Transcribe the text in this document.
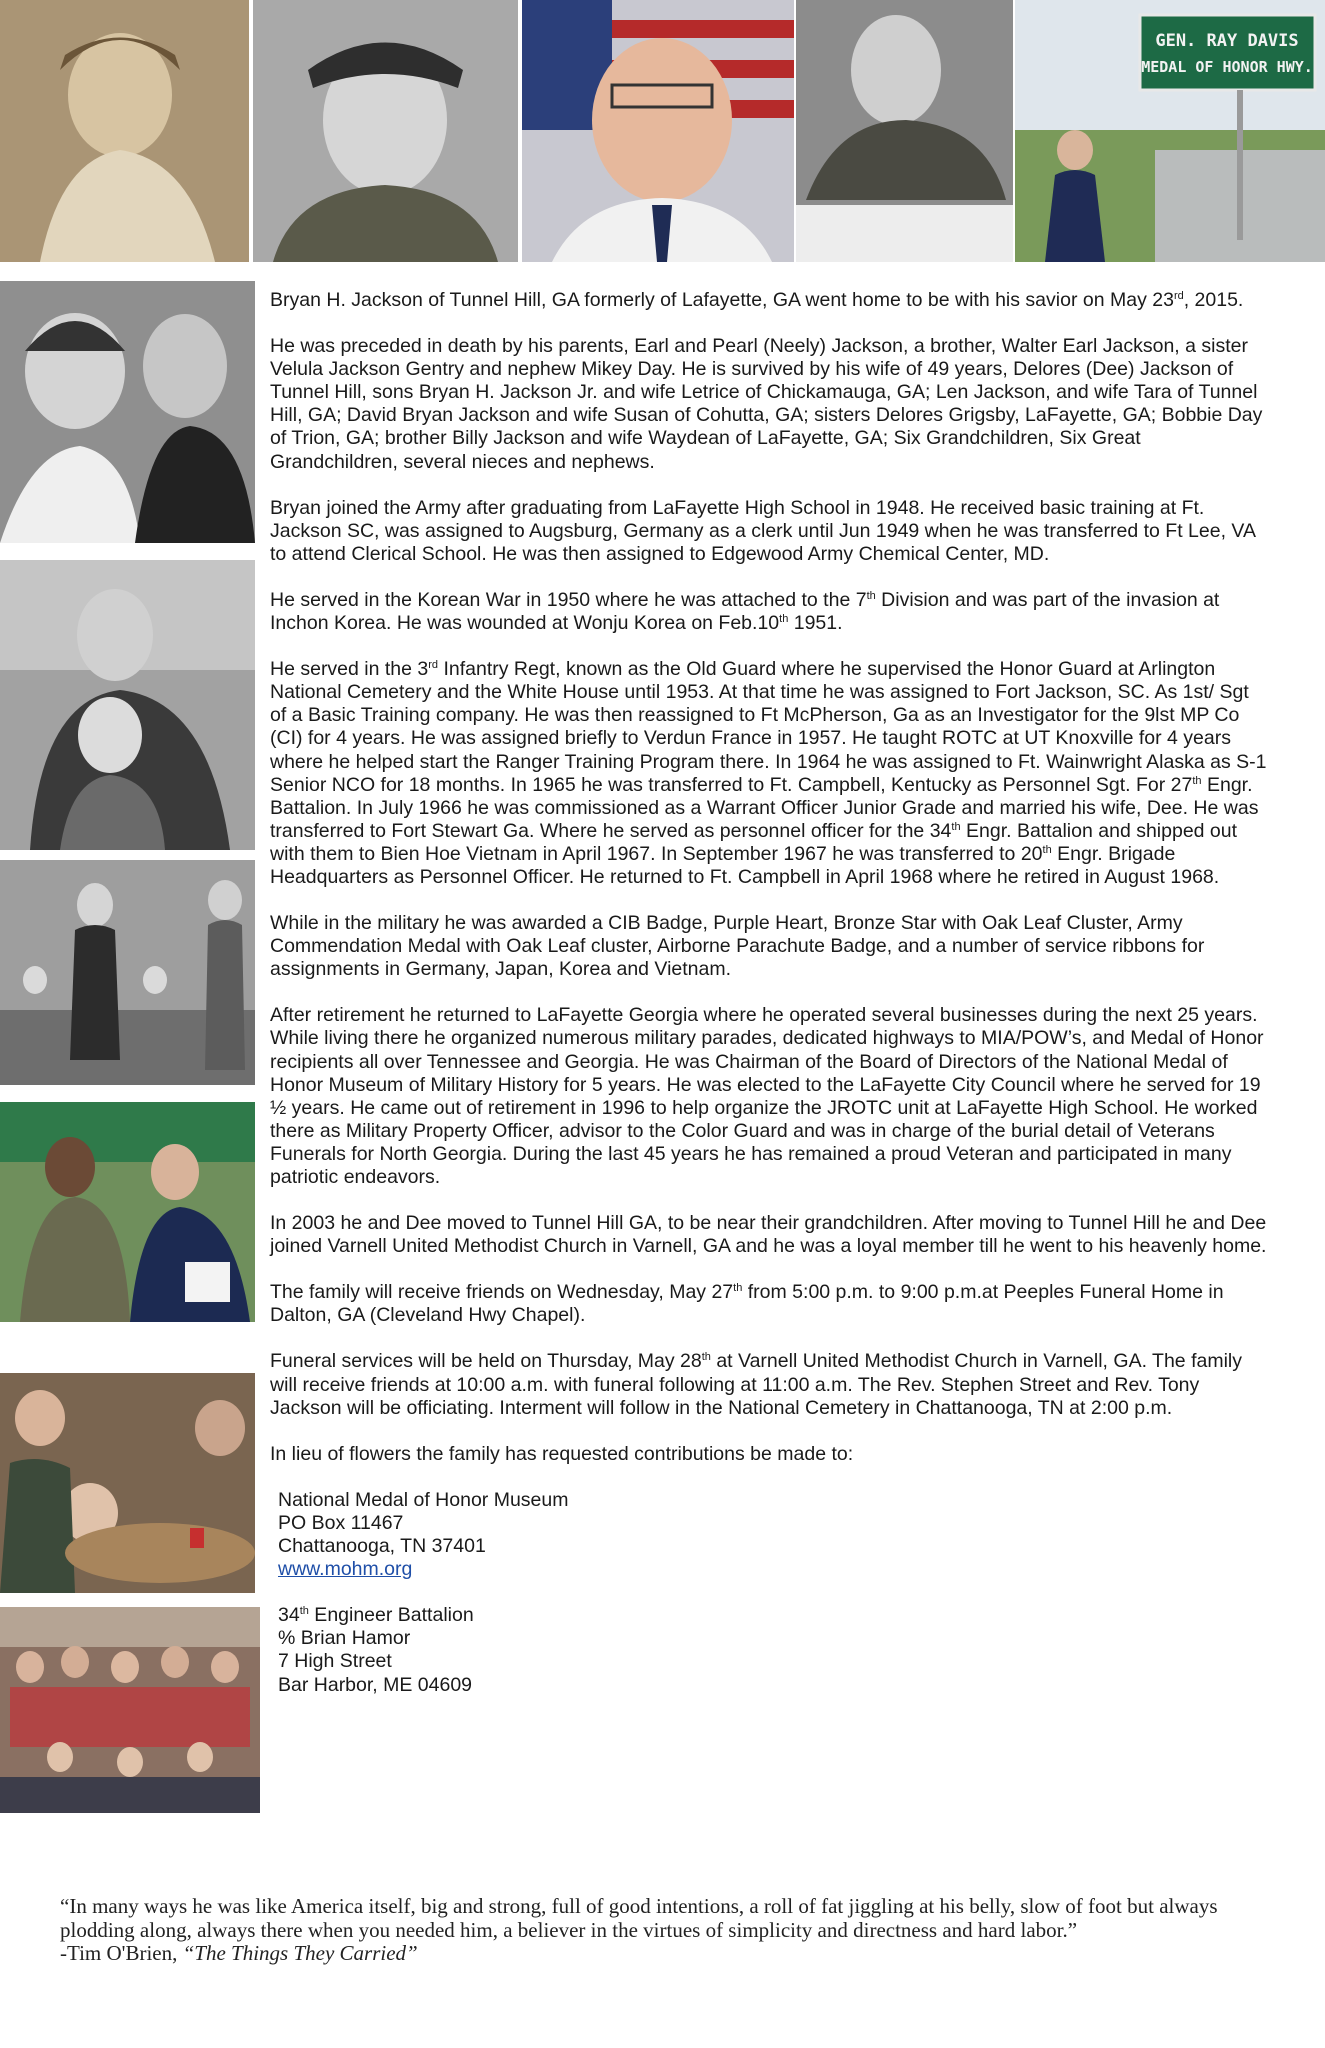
GEN. RAY DAVIS
MEDAL OF HONOR HWY.

Bryan H. Jackson of Tunnel Hill, GA formerly of Lafayette, GA went home to be with his savior on May 23rd, 2015.

He was preceded in death by his parents, Earl and Pearl (Neely) Jackson, a brother, Walter Earl Jackson, a sister Velula Jackson Gentry and nephew Mikey Day. He is survived by his wife of 49 years, Delores (Dee) Jackson of Tunnel Hill, sons Bryan H. Jackson Jr. and wife Letrice of Chickamauga, GA; Len Jackson, and wife Tara of Tunnel Hill, GA; David Bryan Jackson and wife Susan of Cohutta, GA; sisters Delores Grigsby, LaFayette, GA; Bobbie Day of Trion, GA; brother Billy Jackson and wife Waydean of LaFayette, GA; Six Grandchildren, Six Great Grandchildren, several nieces and nephews.

Bryan joined the Army after graduating from LaFayette High School in 1948. He received basic training at Ft. Jackson SC, was assigned to Augsburg, Germany as a clerk until Jun 1949 when he was transferred to Ft Lee, VA to attend Clerical School. He was then assigned to Edgewood Army Chemical Center, MD.

He served in the Korean War in 1950 where he was attached to the 7th Division and was part of the invasion at Inchon Korea. He was wounded at Wonju Korea on Feb.10th 1951.

He served in the 3rd Infantry Regt, known as the Old Guard where he supervised the Honor Guard at Arlington National Cemetery and the White House until 1953. At that time he was assigned to Fort Jackson, SC. As 1st/ Sgt of a Basic Training company. He was then reassigned to Ft McPherson, Ga as an Investigator for the 9lst MP Co (CI) for 4 years. He was assigned briefly to Verdun France in 1957. He taught ROTC at UT Knoxville for 4 years where he helped start the Ranger Training Program there. In 1964 he was assigned to Ft. Wainwright Alaska as S-1 Senior NCO for 18 months. In 1965 he was transferred to Ft. Campbell, Kentucky as Personnel Sgt. For 27th Engr. Battalion. In July 1966 he was commissioned as a Warrant Officer Junior Grade and married his wife, Dee. He was transferred to Fort Stewart Ga. Where he served as personnel officer for the 34th Engr. Battalion and shipped out with them to Bien Hoe Vietnam in April 1967. In September 1967 he was transferred to 20th Engr. Brigade Headquarters as Personnel Officer. He returned to Ft. Campbell in April 1968 where he retired in August 1968.

While in the military he was awarded a CIB Badge, Purple Heart, Bronze Star with Oak Leaf Cluster, Army Commendation Medal with Oak Leaf cluster, Airborne Parachute Badge, and a number of service ribbons for assignments in Germany, Japan, Korea and Vietnam.

After retirement he returned to LaFayette Georgia where he operated several businesses during the next 25 years. While living there he organized numerous military parades, dedicated highways to MIA/POW’s, and Medal of Honor recipients all over Tennessee and Georgia. He was Chairman of the Board of Directors of the National Medal of Honor Museum of Military History for 5 years. He was elected to the LaFayette City Council where he served for 19 ½ years. He came out of retirement in 1996 to help organize the JROTC unit at LaFayette High School. He worked there as Military Property Officer, advisor to the Color Guard and was in charge of the burial detail of Veterans Funerals for North Georgia. During the last 45 years he has remained a proud Veteran and participated in many patriotic endeavors.

In 2003 he and Dee moved to Tunnel Hill GA, to be near their grandchildren. After moving to Tunnel Hill he and Dee joined Varnell United Methodist Church in Varnell, GA and he was a loyal member till he went to his heavenly home.

The family will receive friends on Wednesday, May 27th from 5:00 p.m. to 9:00 p.m.at Peeples Funeral Home in Dalton, GA (Cleveland Hwy Chapel).

Funeral services will be held on Thursday, May 28th at Varnell United Methodist Church in Varnell, GA. The family will receive friends at 10:00 a.m. with funeral following at 11:00 a.m. The Rev. Stephen Street and Rev. Tony Jackson will be officiating. Interment will follow in the National Cemetery in Chattanooga, TN at 2:00 p.m.

In lieu of flowers the family has requested contributions be made to:

National Medal of Honor Museum

PO Box 11467

Chattanooga, TN 37401

www.mohm.org

34th Engineer Battalion

% Brian Hamor

7 High Street

Bar Harbor, ME 04609

“In many ways he was like America itself, big and strong, full of good intentions, a roll of fat jiggling at his belly, slow of foot but always plodding along, always there when you needed him, a believer in the virtues of simplicity and directness and hard labor.”
-Tim O'Brien, “The Things They Carried”
